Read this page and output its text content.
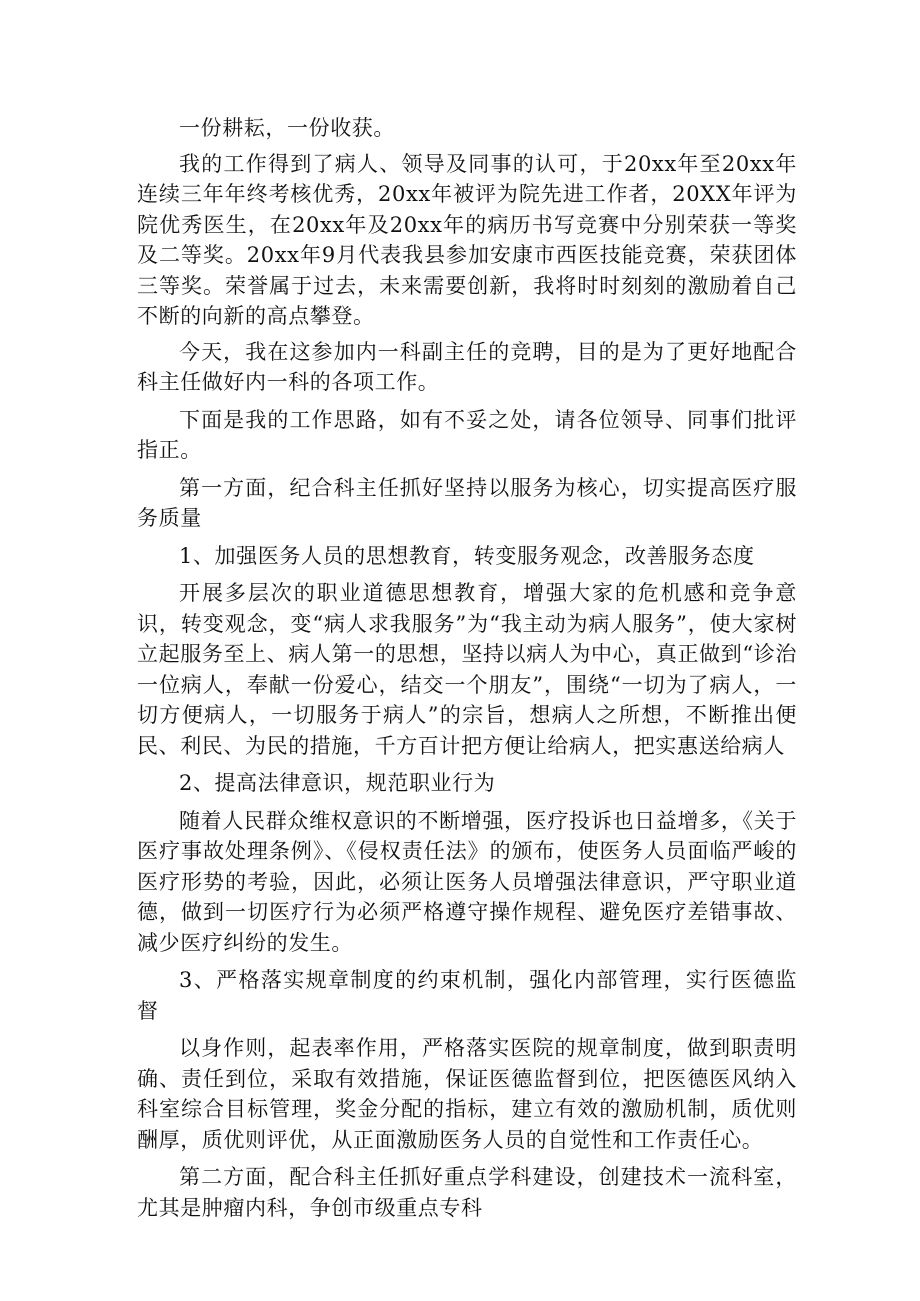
一份耕耘，一份收获。

我的工作得到了病人、领导及同事的认可，于20xx年至20xx年连续三年年终考核优秀，20xx年被评为院先进工作者，20XX年评为院优秀医生，在20xx年及20xx年的病历书写竞赛中分别荣获一等奖及二等奖。20xx年9月代表我县参加安康市西医技能竞赛，荣获团体三等奖。荣誉属于过去，未来需要创新，我将时时刻刻的激励着自己不断的向新的高点攀登。

今天，我在这参加内一科副主任的竞聘，目的是为了更好地配合科主任做好内一科的各项工作。

下面是我的工作思路，如有不妥之处，请各位领导、同事们批评指正。

第一方面，纪合科主任抓好坚持以服务为核心，切实提高医疗服务质量

1、加强医务人员的思想教育，转变服务观念，改善服务态度

开展多层次的职业道德思想教育，增强大家的危机感和竞争意识，转变观念，变“病人求我服务”为“我主动为病人服务”，使大家树立起服务至上、病人第一的思想，坚持以病人为中心，真正做到“诊治一位病人，奉献一份爱心，结交一个朋友”，围绕“一切为了病人，一切方便病人，一切服务于病人”的宗旨，想病人之所想，不断推出便民、利民、为民的措施，千方百计把方便让给病人，把实惠送给病人

2、提高法律意识，规范职业行为

随着人民群众维权意识的不断增强，医疗投诉也日益增多，《关于医疗事故处理条例》、《侵权责任法》的颁布，使医务人员面临严峻的医疗形势的考验，因此，必须让医务人员增强法律意识，严守职业道德，做到一切医疗行为必须严格遵守操作规程、避免医疗差错事故、减少医疗纠纷的发生。

3、严格落实规章制度的约束机制，强化内部管理，实行医德监督

以身作则，起表率作用，严格落实医院的规章制度，做到职责明确、责任到位，采取有效措施，保证医德监督到位，把医德医风纳入科室综合目标管理，奖金分配的指标，建立有效的激励机制，质优则酬厚，质优则评优，从正面激励医务人员的自觉性和工作责任心。

第二方面，配合科主任抓好重点学科建设，创建技术一流科室，尤其是肿瘤内科，争创市级重点专科
